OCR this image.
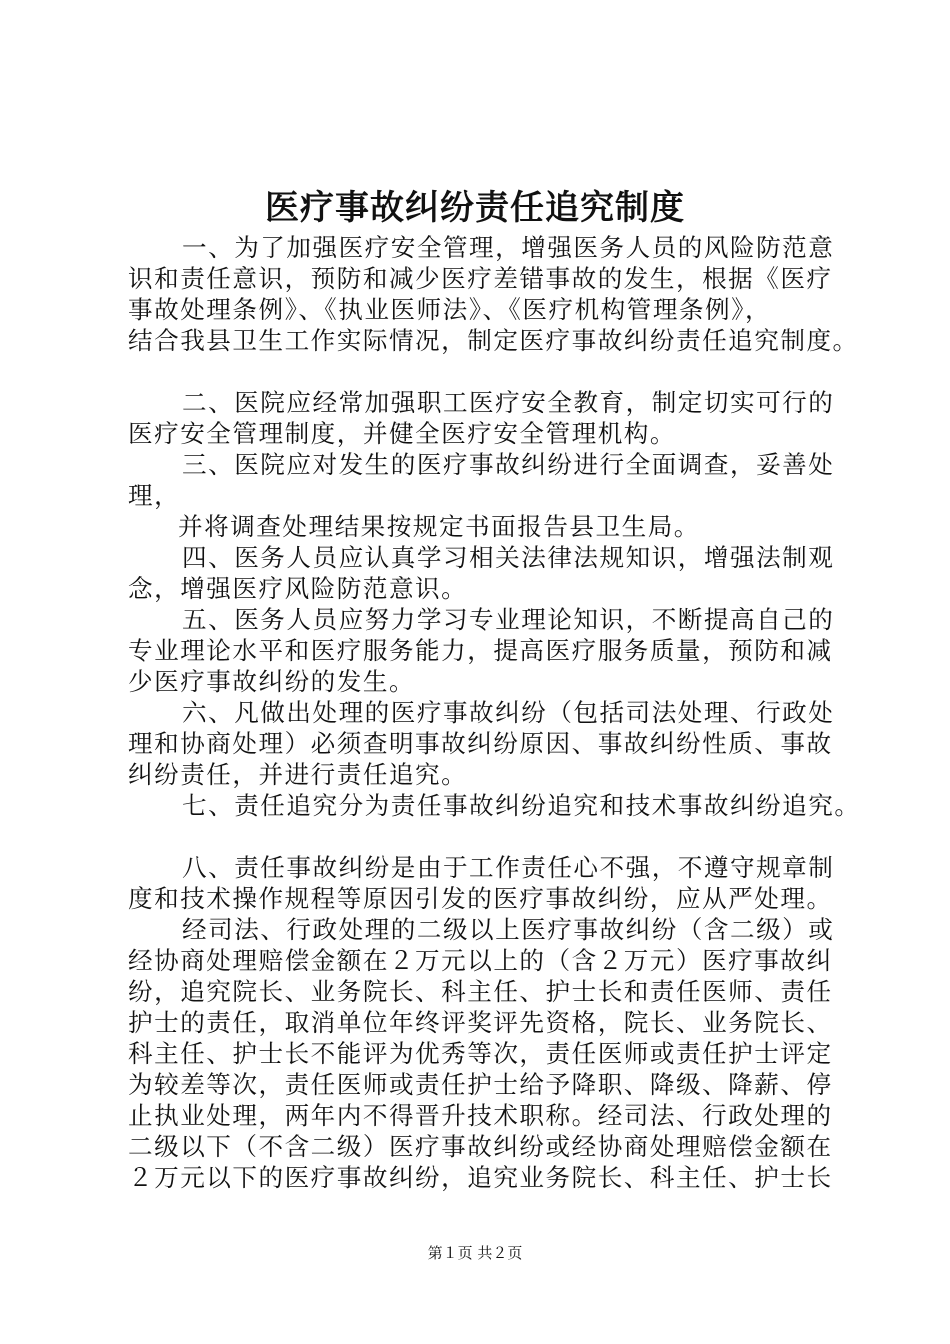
医疗事故纠纷责任追究制度
一、为了加强医疗安全管理，增强医务人员的风险防范意
识和责任意识，预防和减少医疗差错事故的发生，根据《医疗
事故处理条例》、《执业医师法》、《医疗机构管理条例》，
结合我县卫生工作实际情况，制定医疗事故纠纷责任追究制度。
二、医院应经常加强职工医疗安全教育，制定切实可行的
医疗安全管理制度，并健全医疗安全管理机构。
三、医院应对发生的医疗事故纠纷进行全面调查，妥善处
理，
并将调查处理结果按规定书面报告县卫生局。
四、医务人员应认真学习相关法律法规知识，增强法制观
念，增强医疗风险防范意识。
五、医务人员应努力学习专业理论知识，不断提高自己的
专业理论水平和医疗服务能力，提高医疗服务质量，预防和减
少医疗事故纠纷的发生。
六、凡做出处理的医疗事故纠纷（包括司法处理、行政处
理和协商处理）必须查明事故纠纷原因、事故纠纷性质、事故
纠纷责任，并进行责任追究。
七、责任追究分为责任事故纠纷追究和技术事故纠纷追究。
八、责任事故纠纷是由于工作责任心不强，不遵守规章制
度和技术操作规程等原因引发的医疗事故纠纷，应从严处理。
经司法、行政处理的二级以上医疗事故纠纷（含二级）或
经协商处理赔偿金额在２万元以上的（含２万元）医疗事故纠
纷，追究院长、业务院长、科主任、护士长和责任医师、责任
护士的责任，取消单位年终评奖评先资格，院长、业务院长、
科主任、护士长不能评为优秀等次，责任医师或责任护士评定
为较差等次，责任医师或责任护士给予降职、降级、降薪、停
止执业处理，两年内不得晋升技术职称。经司法、行政处理的
二级以下（不含二级）医疗事故纠纷或经协商处理赔偿金额在
２万元以下的医疗事故纠纷，追究业务院长、科主任、护士长
第１页 共２页
